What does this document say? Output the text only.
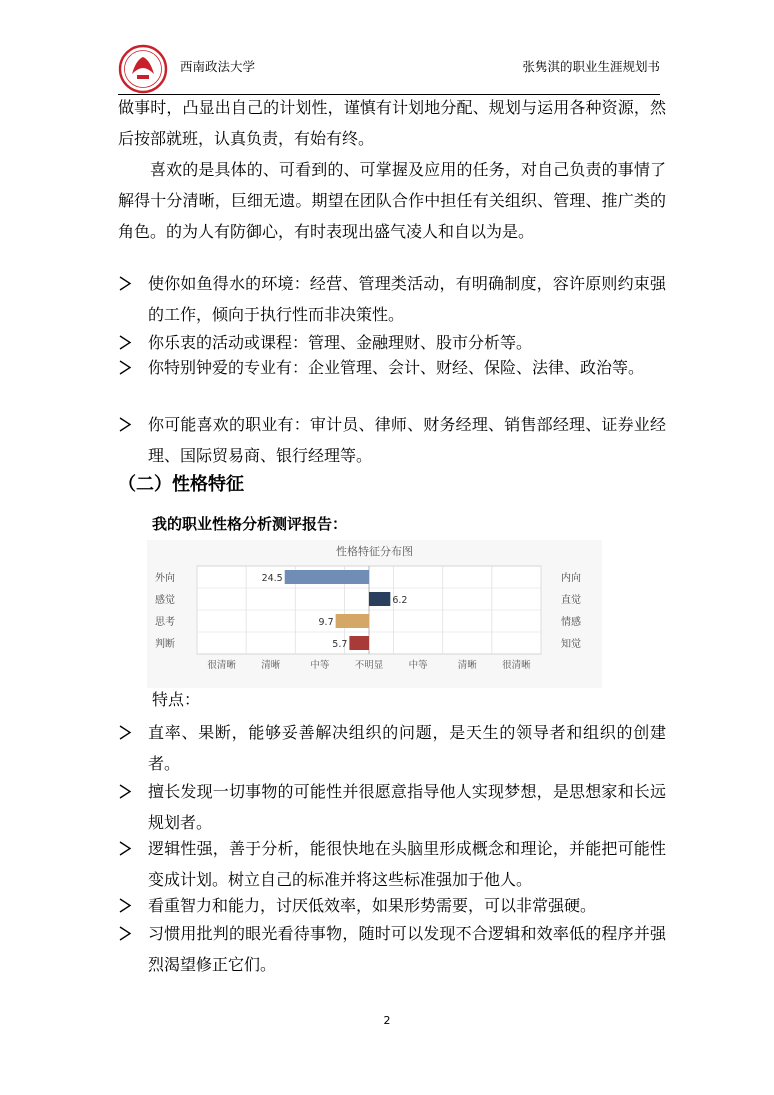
西南政法大学	张隽淇的职业生涯规划书

做事时，凸显出自己的计划性，谨慎有计划地分配、规划与运用各种资源，然后按部就班，认真负责，有始有终。

喜欢的是具体的、可看到的、可掌握及应用的任务，对自己负责的事情了解得十分清晰，巨细无遗。期望在团队合作中担任有关组织、管理、推广类的角色。的为人有防御心，有时表现出盛气凌人和自以为是。

使你如鱼得水的环境：经营、管理类活动，有明确制度，容许原则约束强的工作，倾向于执行性而非决策性。
你乐衷的活动或课程：管理、金融理财、股市分析等。
你特别钟爱的专业有：企业管理、会计、财经、保险、法律、政治等。
你可能喜欢的职业有：审计员、律师、财务经理、销售部经理、证券业经理、国际贸易商、银行经理等。
（二）性格特征
我的职业性格分析测评报告：
性格特征分布图
外向	内向
24.5
感觉	直觉
6.2
思考	情感
9.7
判断	知觉
5.7
很清晰	清晰	中等	不明显	中等	清晰	很清晰
特点：
直率、果断，能够妥善解决组织的问题，是天生的领导者和组织的创建者。
擅长发现一切事物的可能性并很愿意指导他人实现梦想，是思想家和长远规划者。
逻辑性强，善于分析，能很快地在头脑里形成概念和理论，并能把可能性变成计划。树立自己的标准并将这些标准强加于他人。
看重智力和能力，讨厌低效率，如果形势需要，可以非常强硬。
习惯用批判的眼光看待事物，随时可以发现不合逻辑和效率低的程序并强烈渴望修正它们。
2
